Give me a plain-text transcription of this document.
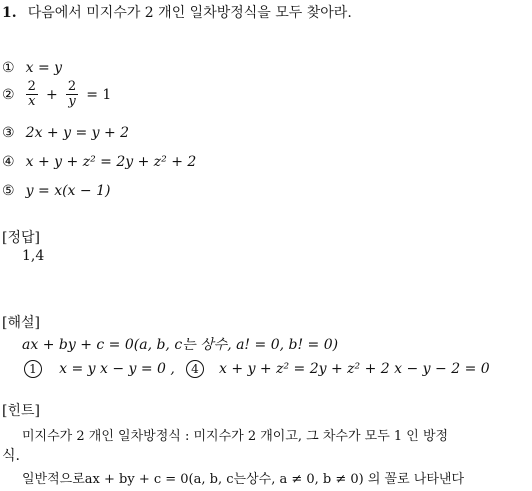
1. 다음에서 미지수가 2 개인 일차방정식을 모두 찾아라.
① x = y
② $\frac{2}{x} + \frac{2}{y} = 1$
③ 2x + y = y + 2
④ x + y + z² = 2y + z² + 2
⑤ y = x(x − 1)
[정답]
1,4
[해설]
ax + by + c = 0(a, b, c는 상수, a! = 0, b! = 0)
1 x = y x − y = 0 , 4 x + y + z² = 2y + z² + 2 x − y − 2 = 0
[힌트]
미지수가 2 개인 일차방정식 : 미지수가 2 개이고, 그 차수가 모두 1 인 방정
식.
일반적으로ax + by + c = 0(a, b, c는상수, a ≠ 0, b ≠ 0) 의 꼴로 나타낸다
